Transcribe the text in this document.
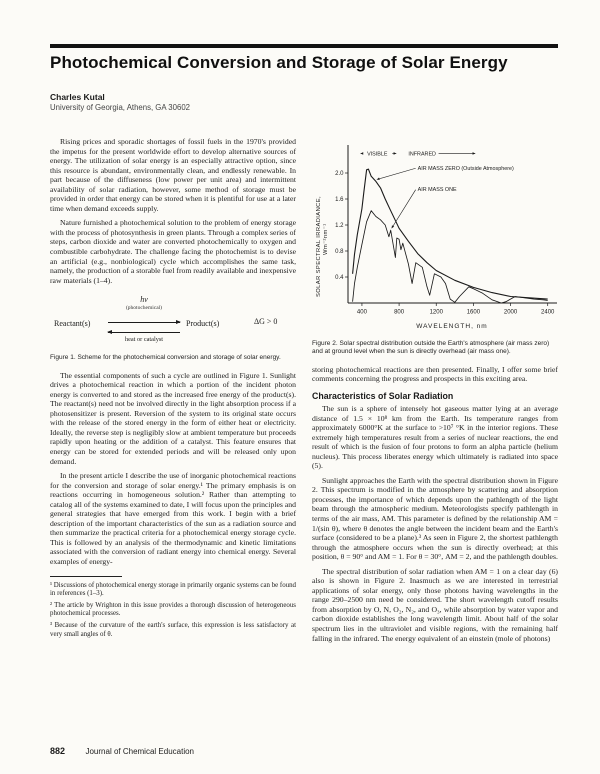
Photochemical Conversion and Storage of Solar Energy
Charles Kutal
University of Georgia, Athens, GA 30602

Rising prices and sporadic shortages of fossil fuels in the 1970's provided the impetus for the present worldwide effort to develop alternative sources of energy. The utilization of solar energy is an especially attractive option, since this resource is abundant, environmentally clean, and endlessly renewable. In part because of the diffuseness (low power per unit area) and intermittent availability of solar radiation, however, some method of storage must be provided in order that energy can be stored when it is plentiful for use at a later time when demand exceeds supply.

Nature furnished a photochemical solution to the problem of energy storage with the process of photosynthesis in green plants. Through a complex series of steps, carbon dioxide and water are converted photochemically to oxygen and combustible carbohydrate. The challenge facing the photochemist is to devise an artificial (e.g., nonbiological) cycle which accomplishes the same task, namely, the production of a storable fuel from readily available and inexpensive raw materials (1–4).

Reactant(s)
hν
(photochemical)
heat or catalyst
Product(s)	ΔG > 0

Figure 1. Scheme for the photochemical conversion and storage of solar energy.

The essential components of such a cycle are outlined in Figure 1. Sunlight drives a photochemical reaction in which a portion of the incident photon energy is converted to and stored as the increased free energy of the product(s). The reactant(s) need not be involved directly in the light absorption process if a photosensitizer is present. Reversion of the system to its original state occurs with the release of the stored energy in the form of either heat or electricity. Ideally, the reverse step is negligibly slow at ambient temperature but proceeds rapidly upon heating or the addition of a catalyst. This feature ensures that energy can be stored for extended periods and will be released only upon demand.

In the present article I describe the use of inorganic photochemical reactions for the conversion and storage of solar energy.¹ The primary emphasis is on reactions occurring in homogeneous solution.² Rather than attempting to catalog all of the systems examined to date, I will focus upon the principles and general strategies that have emerged from this work. I begin with a brief description of the important characteristics of the sun as a radiation source and then summarize the practical criteria for a photochemical energy storage cycle. This is followed by an analysis of the thermodynamic and kinetic limitations associated with the conversion of radiant energy into chemical energy. Several examples of energy-

¹ Discussions of photochemical energy storage in primarily organic systems can be found in references (1–3).

² The article by Wrighton in this issue provides a thorough discussion of heterogeneous photochemical processes.

³ Because of the curvature of the earth's surface, this expression is less satisfactory at very small angles of θ.

400	800	1200	1600	2000	2400
0.4
0.8
1.2
1.6
2.0
VISIBLE	INFRARED
AIR MASS ZERO (Outside Atmosphere)
AIR MASS ONE
WAVELENGTH, nm
SOLAR SPECTRAL IRRADIANCE, Wm⁻²nm⁻¹

Figure 2. Solar spectral distribution outside the Earth's atmosphere (air mass zero) and at ground level when the sun is directly overhead (air mass one).

storing photochemical reactions are then presented. Finally, I offer some brief comments concerning the progress and prospects in this exciting area.

Characteristics of Solar Radiation

The sun is a sphere of intensely hot gaseous matter lying at an average distance of 1.5 × 10⁸ km from the Earth. Its temperature ranges from approximately 6000°K at the surface to >10⁷ °K in the interior regions. These extremely high temperatures result from a series of nuclear reactions, the end result of which is the fusion of four protons to form an alpha particle (helium nucleus). This process liberates energy which ultimately is radiated into space (5).

Sunlight approaches the Earth with the spectral distribution shown in Figure 2. This spectrum is modified in the atmosphere by scattering and absorption processes, the importance of which depends upon the pathlength of the light beam through the atmospheric medium. Meteorologists specify pathlength in terms of the air mass, AM. This parameter is defined by the relationship AM = 1/(sin θ), where θ denotes the angle between the incident beam and the Earth's surface (considered to be a plane).³ As seen in Figure 2, the shortest pathlength through the atmosphere occurs when the sun is directly overhead; at this position, θ = 90° and AM = 1. For θ = 30°, AM = 2, and the pathlength doubles.

The spectral distribution of solar radiation when AM = 1 on a clear day (6) also is shown in Figure 2. Inasmuch as we are interested in terrestrial applications of solar energy, only those photons having wavelengths in the range 290–2500 nm need be considered. The short wavelength cutoff results from absorption by O, N, O₂, N₂, and O₃, while absorption by water vapor and carbon dioxide establishes the long wavelength limit. About half of the solar spectrum lies in the ultraviolet and visible regions, with the remaining half falling in the infrared. The energy equivalent of an einstein (mole of photons)

882	Journal of Chemical Education
